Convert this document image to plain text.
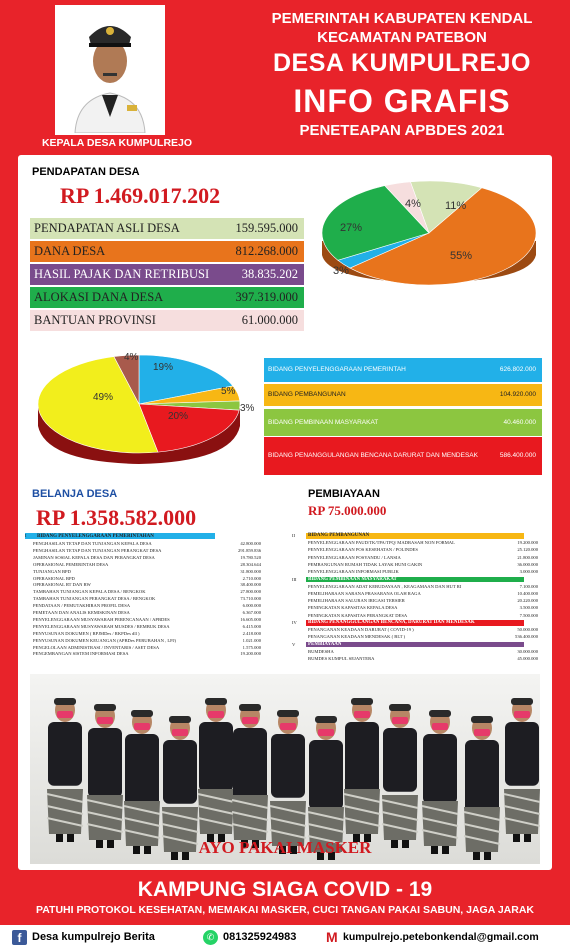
KEPALA DESA KUMPULREJO
PEMERINTAH KABUPATEN KENDAL
KECAMATAN PATEBON
DESA KUMPULREJO
INFO GRAFIS
PENETEAPAN APBDES 2021
PENDAPATAN DESA
RP 1.469.017.202
PENDAPATAN ASLI DESA	159.595.000
DANA DESA	812.268.000
HASIL PAJAK DAN RETRIBUSI	38.835.202
ALOKASI DANA DESA	397.319.000
BANTUAN PROVINSI	61.000.000
11%
55%
3%
27%
4%
19%
5%
3%
20%
49%
4%
BIDANG PENYELENGGARAAN PEMERINTAH	626.802.000
BIDANG PEMBANGUNAN	104.920.000
BIDANG PEMBINAAN MASYARAKAT	40.460.000
BIDANG PENANGGULANGAN BENCANA DARURAT DAN MENDESAK	586.400.000
BELANJA DESA
RP 1.358.582.000
I BIDANG PENYELENGGARAAN PEMERINTAHAN
PENGHASILAN TETAP DAN TUNJANGAN KEPALA DESA	42.800.000
PENGHASILAN TETAP DAN TUNJANGAN PERANGKAT DESA	291.859.836
JAMINAN SOSIAL KEPALA DESA DAN PERANGKAT DESA	19.780.520
OPERASIONAL PEMERINTAH DESA	28.304.644
TUNJANGAN BPD	31.800.000
OPERASIONAL BPD	2.710.000
OPERASIONAL RT DAN RW	38.400.000
TAMBAHAN TUNJANGAN KEPALA DESA / BENGKOK	27.800.000
TAMBAHAN TUNJANGAN PERANGKAT DESA / BENGKOK	73.710.000
PENDATAAN / PEMUTAKHIRAN PROFIL DESA	6.000.000
PEMETAAN DAN ANALIS KEMISKINAN DESA	6.367.000
PENYELENGGARAAN MUSYAWARAH PERENCANAAN / APBDES	16.605.000
PENYELENGGARAAN MUSYAWARAH MUSDES / REMBUK DESA	6.415.000
PENYUSUNAN DOKUMEN ( RPJMDes / RKPDes dll )	2.418.000
PENYUSUNAN DOKUMEN KEUANGAN (APBDes PERUBAHAN , LPJ)	1.021.000
PENGELOLAAN ADMINISTRASI / INVENTARIS / ASET DESA	1.575.000
PENGEMBANGAN SISTEM INFORMASI DESA	19.200.000
PEMBIAYAAN
RP 75.000.000
II	BIDANG PEMBANGUNAN
PENYELENGGARAAN PAUD/TK/TPA/TPQ/ MADRASAH NON FORMAL	19.200.000
PENYELENGGARAAN POS KESEHATAN / POLINDES	25.120.000
PENYELENGGARAAN POSYANDU / LANSIA	21.800.000
PEMBANGUNAN RUMAH TIDAK LAYAK HUNI GAKIN	36.000.000
PENYELENGGARAAN INFORMASI PUBLIK	3.000.000
III	BIDANG PEMBINAAN MASYARAKAT
PENYELENGGARAAN ADAT KEBUDAYAAN , KEAGAMAAN DAN HUT RI	7.100.000
PEMELIHARAAN SARANA PRASARANA OLAH RAGA	10.400.000
PEMELIHARAAN SALURAN IRIGASI TERSIER	20.220.000
PENINGKATAN KAPASITAS KEPALA DESA	3.500.000
PENINGKATAN KAPASITAS PERANGKAT DESA	7.500.000
IV	BIDANG PENANGGULANGAN BENCANA, DARURAT DAN MENDESAK
PENANGANAN KEADAAN DARURAT ( COVID-19 )	50.000.000
PENANGANAN KEADAAN MENDESAK ( BLT )	536.400.000
V	PEMBIAYAAN
BUMDESHA	30.000.000
BUMDES KUMPUL SEJANTERA	45.000.000
AYO PAKAI MASKER
KAMPUNG SIAGA COVID - 19
PATUHI PROTOKOL KESEHATAN, MEMAKAI MASKER, CUCI TANGAN PAKAI SABUN, JAGA JARAK
f Desa kumpulrejo Berita	✆ 081325924983 M kumpulrejo.petebonkendal@gmail.com
